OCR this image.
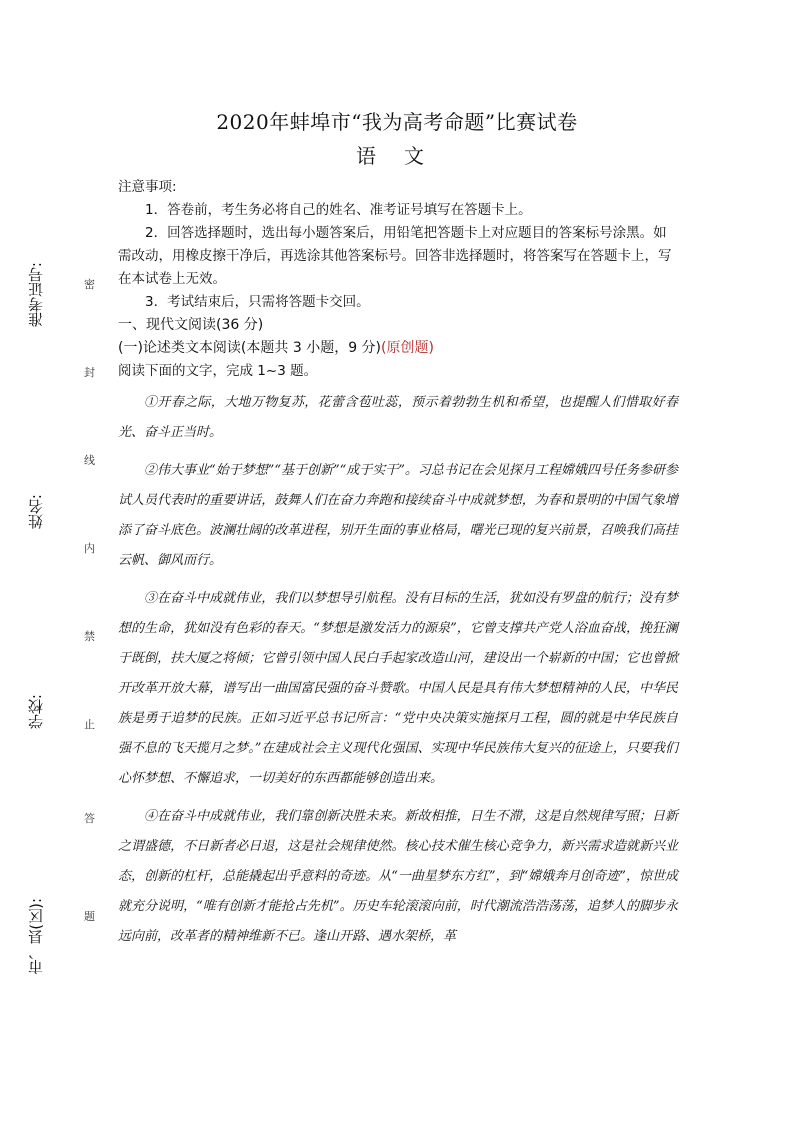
准考证号:
姓名:
学校:
市、县(区):
密
封
线
内
禁
止
答
题
2020年蚌埠市“我为高考命题”比赛试卷
语文

注意事项:

1．答卷前，考生务必将自己的姓名、准考证号填写在答题卡上。

2．回答选择题时，选出每小题答案后，用铅笔把答题卡上对应题目的答案标号涂黑。如需改动，用橡皮擦干净后，再选涂其他答案标号。回答非选择题时，将答案写在答题卡上，写在本试卷上无效。

3．考试结束后，只需将答题卡交回。

一、现代文阅读(36 分)

(一)论述类文本阅读(本题共 3 小题，9 分)(原创题)

阅读下面的文字，完成 1~3 题。

①开春之际，大地万物复苏，花蕾含苞吐蕊，预示着勃勃生机和希望，也提醒人们惜取好春光、奋斗正当时。

②伟大事业“始于梦想”“基于创新”“成于实干”。习总书记在会见探月工程嫦娥四号任务参研参试人员代表时的重要讲话，鼓舞人们在奋力奔跑和接续奋斗中成就梦想，为春和景明的中国气象增添了奋斗底色。波澜壮阔的改革进程，别开生面的事业格局，曙光已现的复兴前景，召唤我们高挂云帆、御风而行。

③在奋斗中成就伟业，我们以梦想导引航程。没有目标的生活，犹如没有罗盘的航行；没有梦想的生命，犹如没有色彩的春天。“梦想是激发活力的源泉”，它曾支撑共产党人浴血奋战，挽狂澜于既倒，扶大厦之将倾；它曾引领中国人民白手起家改造山河，建设出一个崭新的中国；它也曾掀开改革开放大幕，谱写出一曲国富民强的奋斗赞歌。中国人民是具有伟大梦想精神的人民，中华民族是勇于追梦的民族。正如习近平总书记所言：“党中央决策实施探月工程，圆的就是中华民族自强不息的飞天揽月之梦。”在建成社会主义现代化强国、实现中华民族伟大复兴的征途上，只要我们心怀梦想、不懈追求，一切美好的东西都能够创造出来。

④在奋斗中成就伟业，我们靠创新决胜未来。新故相推，日生不滞，这是自然规律写照；日新之谓盛德，不日新者必日退，这是社会规律使然。核心技术催生核心竞争力，新兴需求造就新兴业态，创新的杠杆，总能撬起出乎意料的奇迹。从“一曲星梦东方红”，到“嫦娥奔月创奇迹”，惊世成就充分说明，“唯有创新才能抢占先机”。历史车轮滚滚向前，时代潮流浩浩荡荡，追梦人的脚步永远向前，改革者的精神维新不已。逢山开路、遇水架桥，革
